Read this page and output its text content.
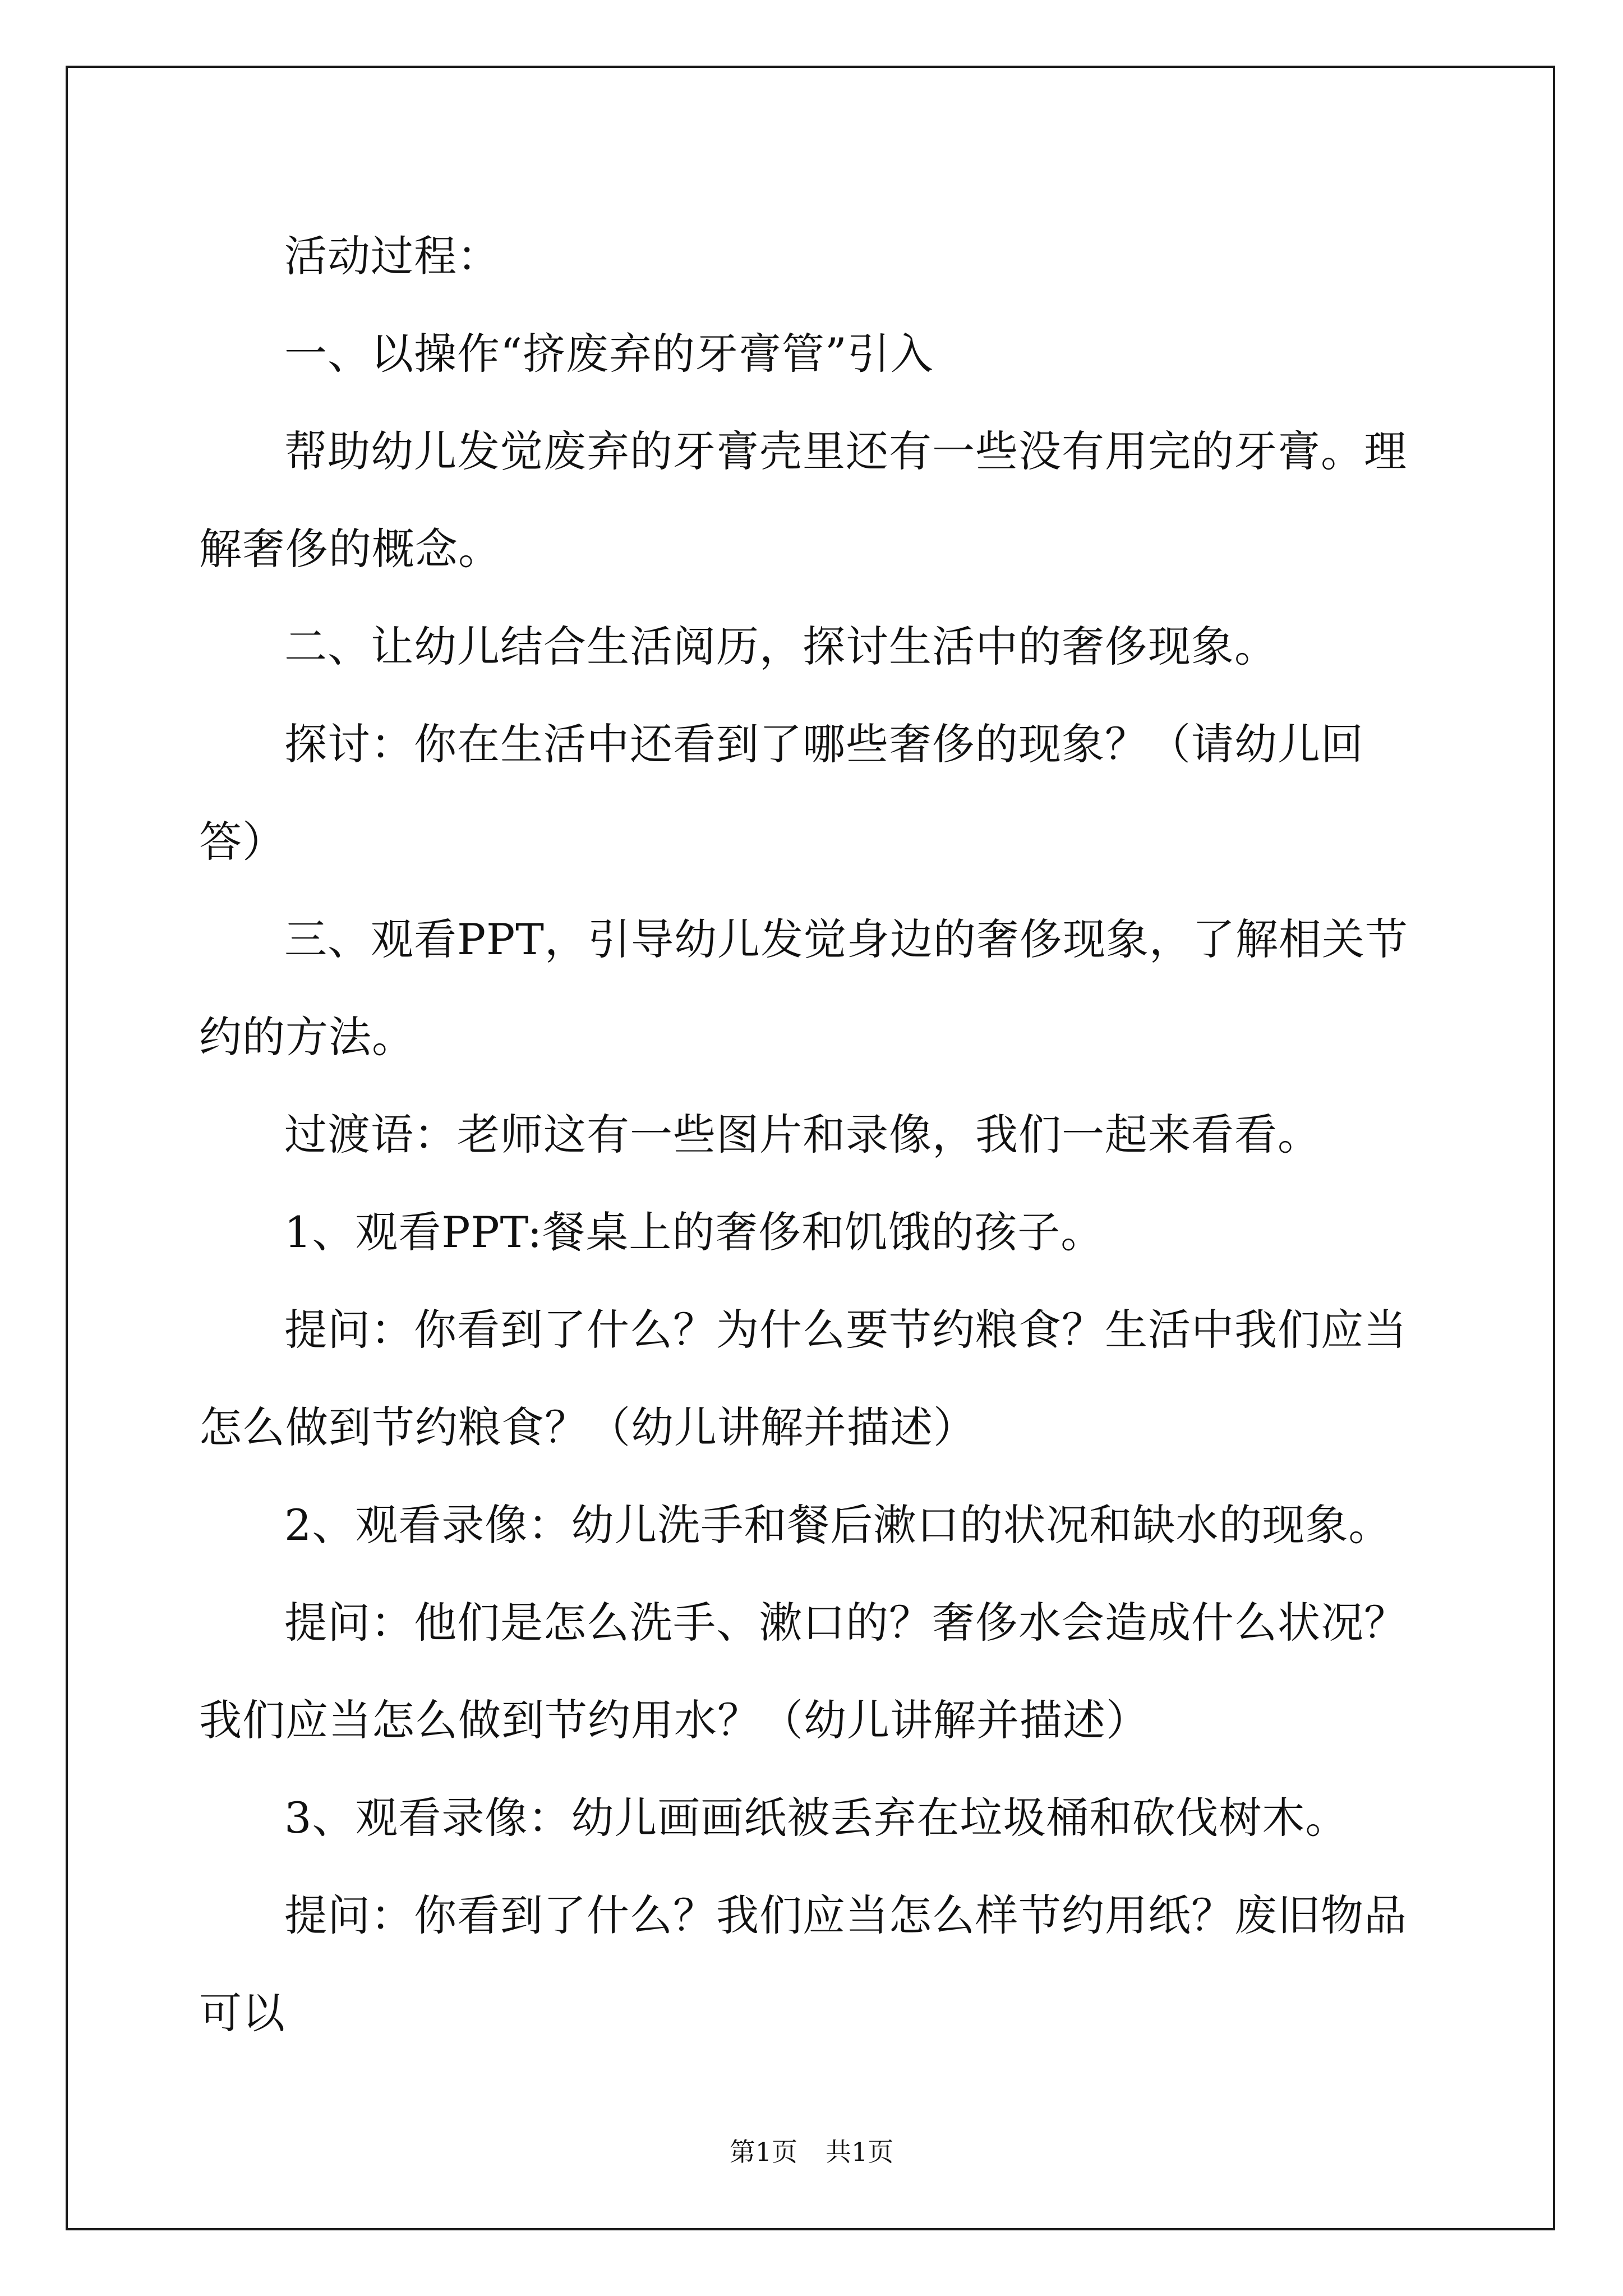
活动过程：

一、以操作“挤废弃的牙膏管”引入

帮助幼儿发觉废弃的牙膏壳里还有一些没有用完的牙膏。理解奢侈的概念。

二、让幼儿结合生活阅历，探讨生活中的奢侈现象。

探讨：你在生活中还看到了哪些奢侈的现象？（请幼儿回答）

三、观看PPT，引导幼儿发觉身边的奢侈现象，了解相关节约的方法。

过渡语：老师这有一些图片和录像，我们一起来看看。

1、观看PPT:餐桌上的奢侈和饥饿的孩子。

提问：你看到了什么？为什么要节约粮食？生活中我们应当怎么做到节约粮食？（幼儿讲解并描述）

2、观看录像：幼儿洗手和餐后漱口的状况和缺水的现象。

提问：他们是怎么洗手、漱口的？奢侈水会造成什么状况？我们应当怎么做到节约用水？（幼儿讲解并描述）

3、观看录像：幼儿画画纸被丢弃在垃圾桶和砍伐树木。

提问：你看到了什么？我们应当怎么样节约用纸？废旧物品可以

第1页 共1页
